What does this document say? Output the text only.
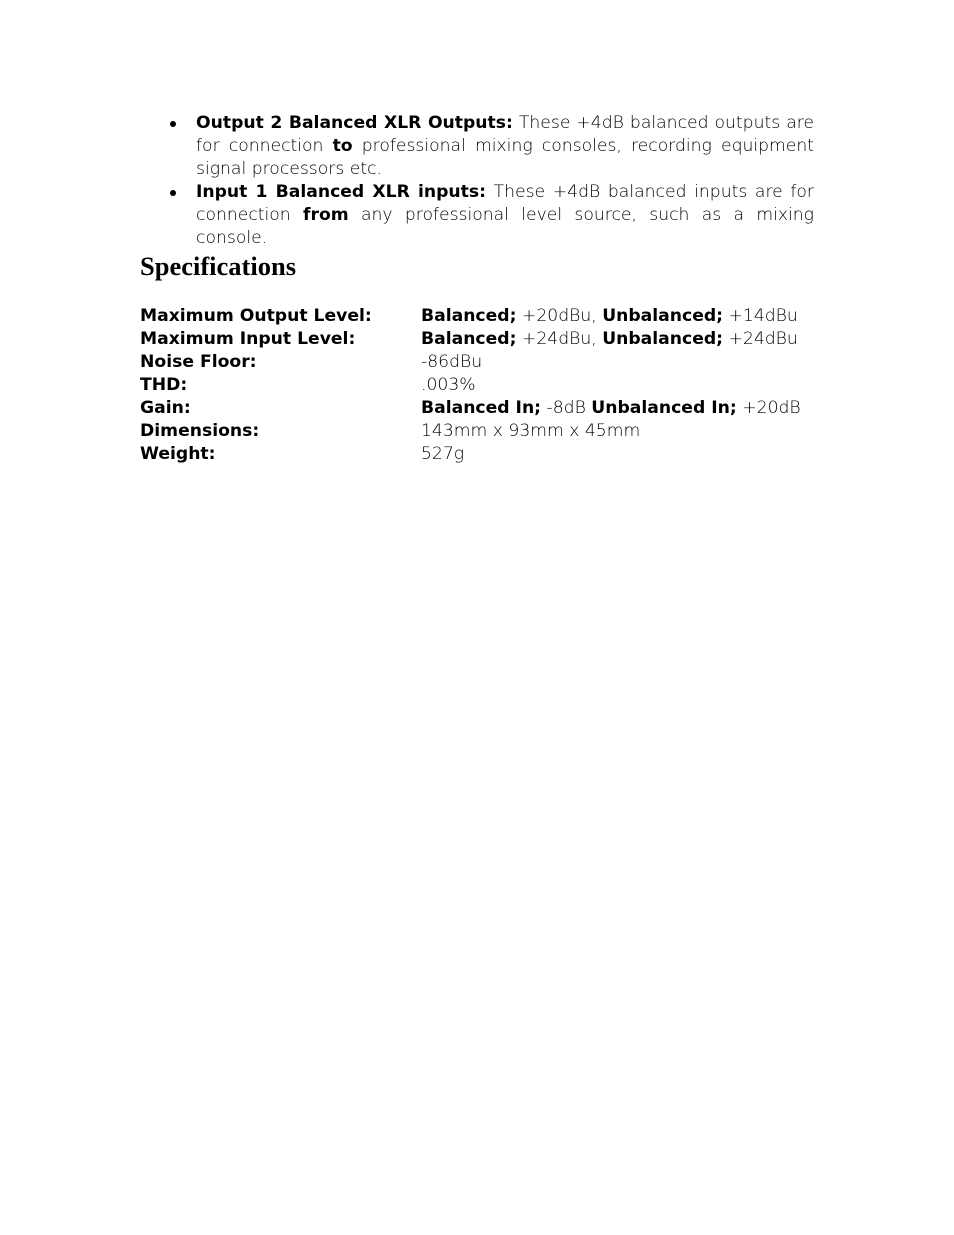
Output 2 Balanced XLR Outputs: These +4dB balanced outputs are for connection to professional mixing consoles, recording equipment signal processors etc.
Input 1 Balanced XLR inputs: These +4dB balanced inputs are for connection from any professional level source, such as a mixing console.
Specifications
Maximum Output Level:	Balanced; +20dBu, Unbalanced; +14dBu
Maximum Input Level:	Balanced; +24dBu, Unbalanced; +24dBu
Noise Floor:	-86dBu
THD:	.003%
Gain:	Balanced In; -8dB Unbalanced In; +20dB
Dimensions:	143mm x 93mm x 45mm
Weight:	527g
